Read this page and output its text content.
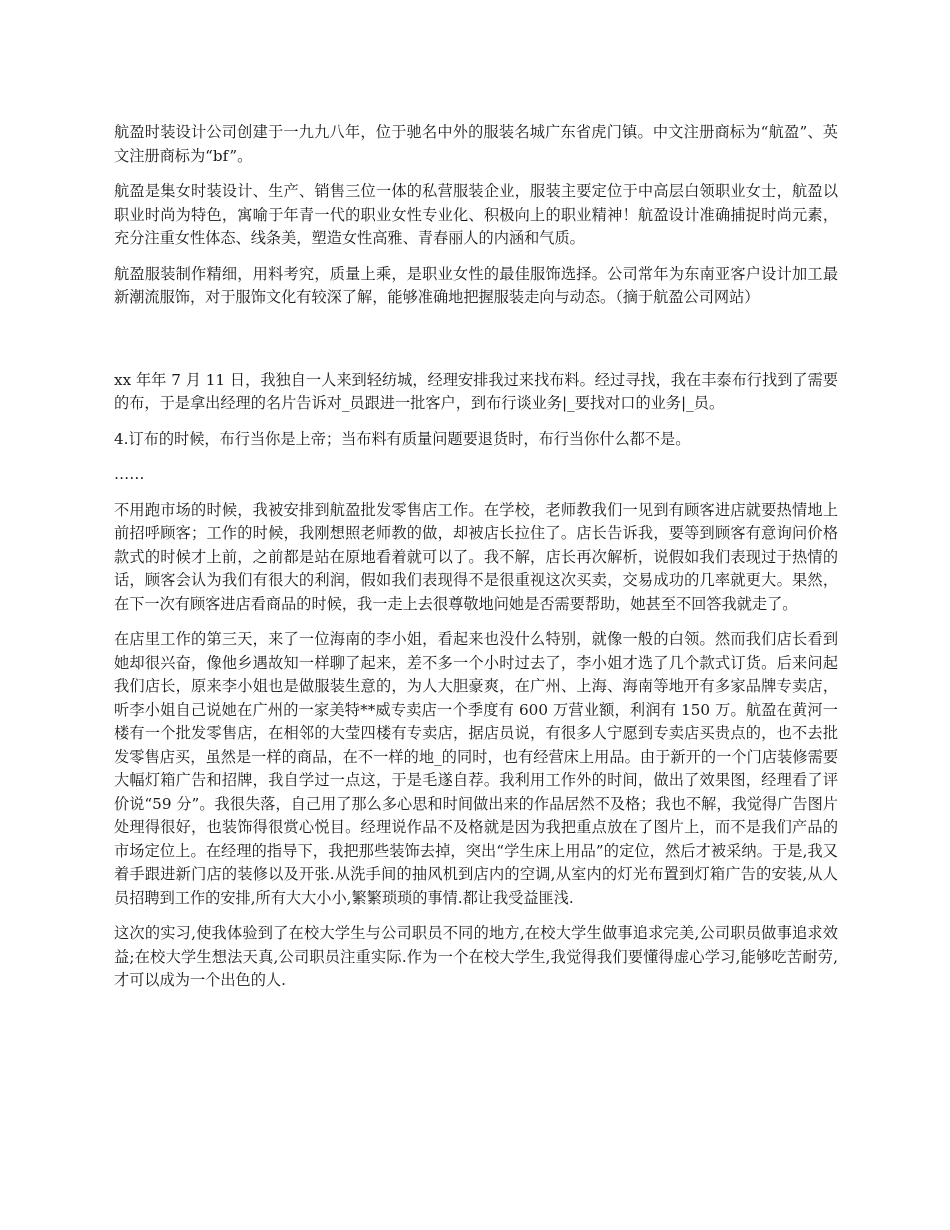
航盈时装设计公司创建于一九九八年，位于驰名中外的服装名城广东省虎门镇。中文注册商标为“航盈”、英文注册商标为“bf”。

航盈是集女时装设计、生产、销售三位一体的私营服装企业，服装主要定位于中高层白领职业女士，航盈以职业时尚为特色，寓喻于年青一代的职业女性专业化、积极向上的职业精神！航盈设计准确捕捉时尚元素，充分注重女性体态、线条美，塑造女性高雅、青春丽人的内涵和气质。

航盈服装制作精细，用料考究，质量上乘，是职业女性的最佳服饰选择。公司常年为东南亚客户设计加工最新潮流服饰，对于服饰文化有较深了解，能够准确地把握服装走向与动态。（摘于航盈公司网站）

xx 年年 7 月 11 日，我独自一人来到轻纺城，经理安排我过来找布料。经过寻找，我在丰泰布行找到了需要的布，于是拿出经理的名片告诉对_员跟进一批客户，到布行谈业务|_要找对口的业务|_员。

4.订布的时候，布行当你是上帝；当布料有质量问题要退货时，布行当你什么都不是。

……

不用跑市场的时候，我被安排到航盈批发零售店工作。在学校，老师教我们一见到有顾客进店就要热情地上前招呼顾客；工作的时候，我刚想照老师教的做，却被店长拉住了。店长告诉我，要等到顾客有意询问价格款式的时候才上前，之前都是站在原地看着就可以了。我不解，店长再次解析，说假如我们表现过于热情的话，顾客会认为我们有很大的利润，假如我们表现得不是很重视这次买卖，交易成功的几率就更大。果然，在下一次有顾客进店看商品的时候，我一走上去很尊敬地问她是否需要帮助，她甚至不回答我就走了。

在店里工作的第三天，来了一位海南的李小姐，看起来也没什么特别，就像一般的白领。然而我们店长看到她却很兴奋，像他乡遇故知一样聊了起来，差不多一个小时过去了，李小姐才选了几个款式订货。后来问起我们店长，原来李小姐也是做服装生意的，为人大胆豪爽，在广州、上海、海南等地开有多家品牌专卖店，听李小姐自己说她在广州的一家美特**威专卖店一个季度有 600 万营业额，利润有 150 万。航盈在黄河一楼有一个批发零售店，在相邻的大莹四楼有专卖店，据店员说，有很多人宁愿到专卖店买贵点的，也不去批发零售店买，虽然是一样的商品，在不一样的地_的同时，也有经营床上用品。由于新开的一个门店装修需要大幅灯箱广告和招牌，我自学过一点这，于是毛遂自荐。我利用工作外的时间，做出了效果图，经理看了评价说“59 分”。我很失落，自己用了那么多心思和时间做出来的作品居然不及格；我也不解，我觉得广告图片处理得很好，也装饰得很赏心悦目。经理说作品不及格就是因为我把重点放在了图片上，而不是我们产品的市场定位上。在经理的指导下，我把那些装饰去掉，突出“学生床上用品”的定位，然后才被采纳。于是,我又着手跟进新门店的装修以及开张.从洗手间的抽风机到店内的空调,从室内的灯光布置到灯箱广告的安装,从人员招聘到工作的安排,所有大大小小,繁繁琐琐的事情.都让我受益匪浅.

这次的实习,使我体验到了在校大学生与公司职员不同的地方,在校大学生做事追求完美,公司职员做事追求效益;在校大学生想法天真,公司职员注重实际.作为一个在校大学生,我觉得我们要懂得虚心学习,能够吃苦耐劳,才可以成为一个出色的人.
